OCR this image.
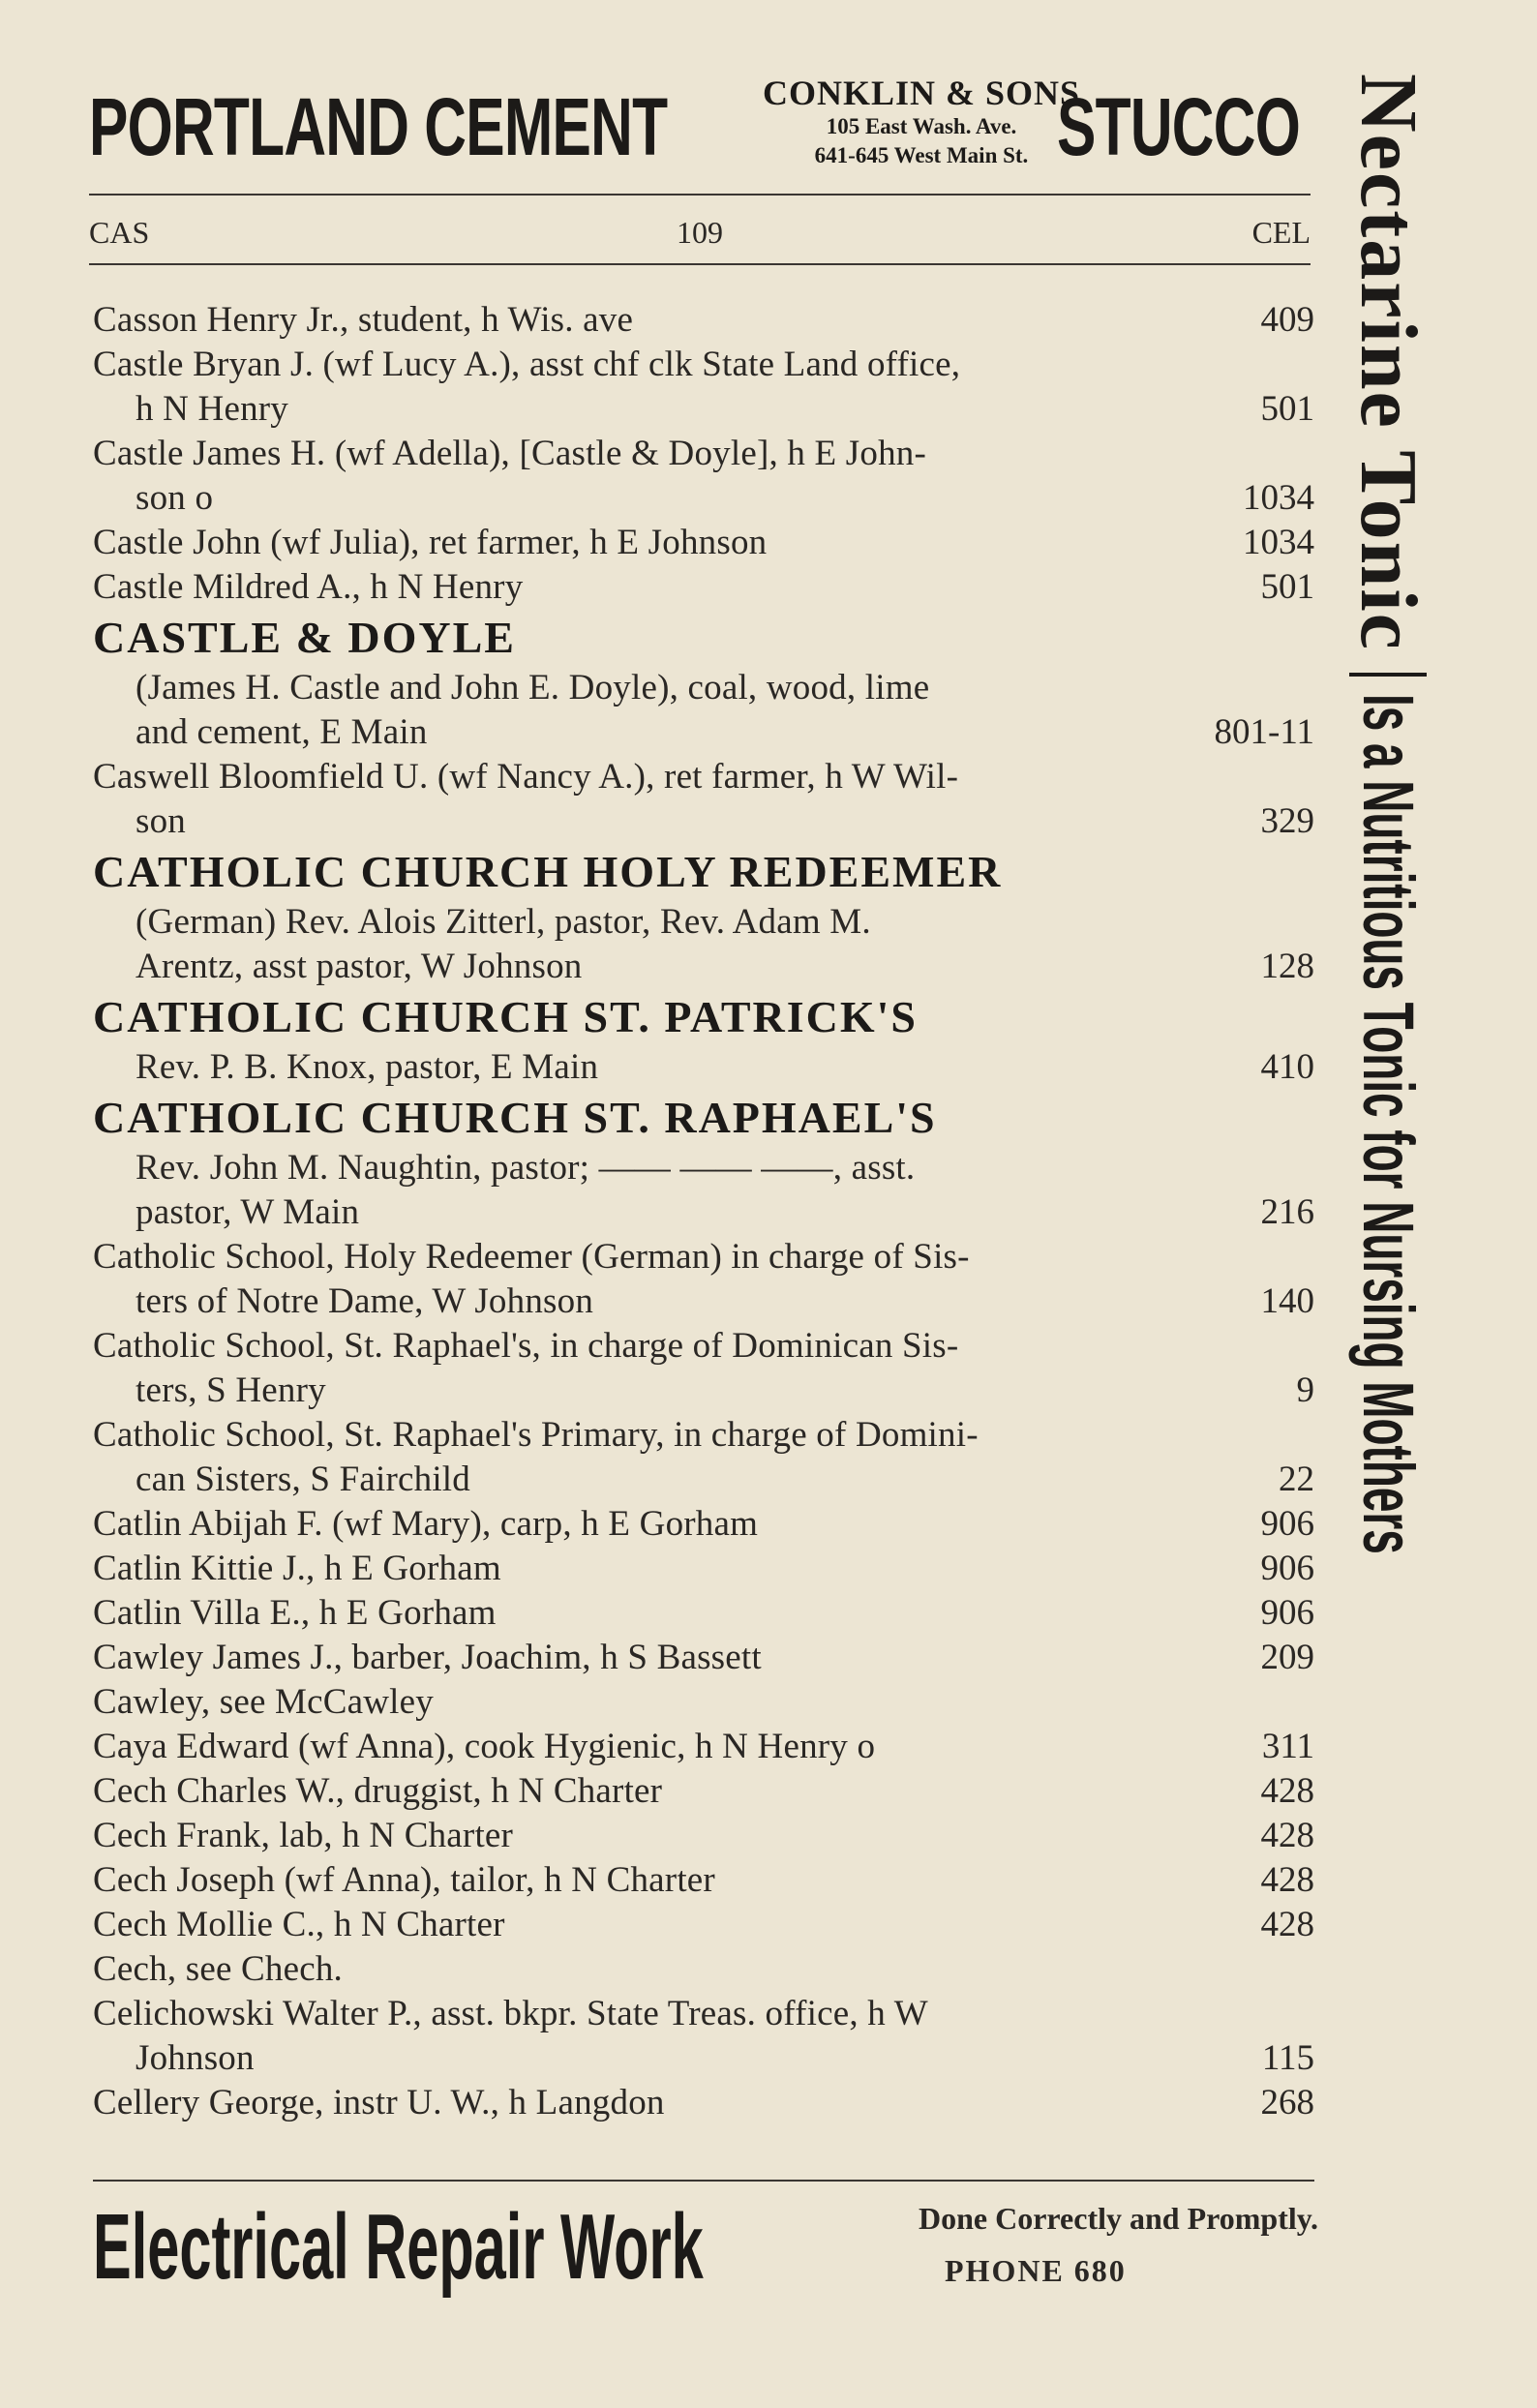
PORTLAND CEMENT	CONKLIN & SONS
105 East Wash. Ave.
641-645 West Main St. STUCCO
CAS	109	CEL
Casson Henry Jr., student, h Wis. ave	409
Castle Bryan J. (wf Lucy A.), asst chf clk State Land office,
h N Henry	501
Castle James H. (wf Adella), [Castle & Doyle], h E John-
son o	1034
Castle John (wf Julia), ret farmer, h E Johnson	1034
Castle Mildred A., h N Henry	501
CASTLE & DOYLE
(James H. Castle and John E. Doyle), coal, wood, lime
and cement, E Main	801-11
Caswell Bloomfield U. (wf Nancy A.), ret farmer, h W Wil-
son	329
CATHOLIC CHURCH HOLY REDEEMER
(German) Rev. Alois Zitterl, pastor, Rev. Adam M.
Arentz, asst pastor, W Johnson	128
CATHOLIC CHURCH ST. PATRICK'S
Rev. P. B. Knox, pastor, E Main	410
CATHOLIC CHURCH ST. RAPHAEL'S
Rev. John M. Naughtin, pastor; —— —— ——, asst.
pastor, W Main	216
Catholic School, Holy Redeemer (German) in charge of Sis-
ters of Notre Dame, W Johnson	140
Catholic School, St. Raphael's, in charge of Dominican Sis-
ters, S Henry	9
Catholic School, St. Raphael's Primary, in charge of Domini-
can Sisters, S Fairchild	22
Catlin Abijah F. (wf Mary), carp, h E Gorham	906
Catlin Kittie J., h E Gorham	906
Catlin Villa E., h E Gorham	906
Cawley James J., barber, Joachim, h S Bassett	209
Cawley, see McCawley
Caya Edward (wf Anna), cook Hygienic, h N Henry o	311
Cech Charles W., druggist, h N Charter	428
Cech Frank, lab, h N Charter	428
Cech Joseph (wf Anna), tailor, h N Charter	428
Cech Mollie C., h N Charter	428
Cech, see Chech.
Celichowski Walter P., asst. bkpr. State Treas. office, h W
Johnson	115
Cellery George, instr U. W., h Langdon	268
Electrical Repair Work	Done Correctly and Promptly.
PHONE 680
Nectarine TonicIs a Nutritious Tonic for Nursing Mothers
